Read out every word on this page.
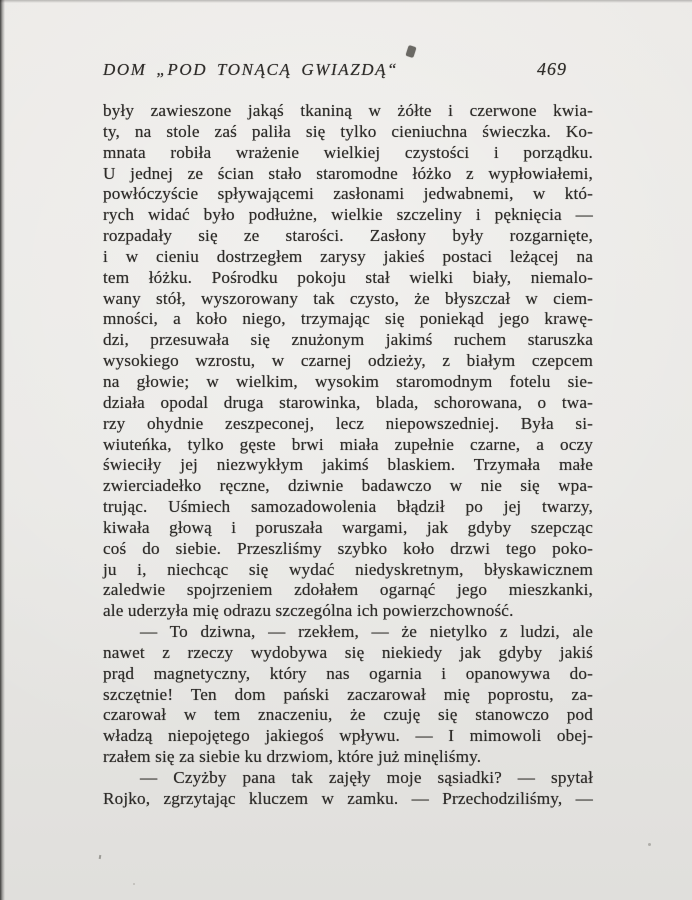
DOM „POD TONĄCĄ GWIAZDĄ“	469
były zawieszone jakąś tkaniną w żółte i czerwone kwia-
ty, na stole zaś paliła się tylko cieniuchna świeczka. Ko-
mnata robiła wrażenie wielkiej czystości i porządku.
U jednej ze ścian stało staromodne łóżko z wypłowiałemi,
powłóczyście spływającemi zasłonami jedwabnemi, w któ-
rych widać było podłużne, wielkie szczeliny i pęknięcia —
rozpadały się ze starości. Zasłony były rozgarnięte,
i w cieniu dostrzegłem zarysy jakieś postaci leżącej na
tem łóżku. Pośrodku pokoju stał wielki biały, niemalo-
wany stół, wyszorowany tak czysto, że błyszczał w ciem-
mności, a koło niego, trzymając się poniekąd jego krawę-
dzi, przesuwała się znużonym jakimś ruchem staruszka
wysokiego wzrostu, w czarnej odzieży, z białym czepcem
na głowie; w wielkim, wysokim staromodnym fotelu sie-
działa opodal druga starowinka, blada, schorowana, o twa-
rzy ohydnie zeszpeconej, lecz niepowszedniej. Była si-
wiuteńka, tylko gęste brwi miała zupełnie czarne, a oczy
świeciły jej niezwykłym jakimś blaskiem. Trzymała małe
zwierciadełko ręczne, dziwnie badawczo w nie się wpa-
trując. Uśmiech samozadowolenia błądził po jej twarzy,
kiwała głową i poruszała wargami, jak gdyby szepcząc
coś do siebie. Przeszliśmy szybko koło drzwi tego poko-
ju i, niechcąc się wydać niedyskretnym, błyskawicznem
zaledwie spojrzeniem zdołałem ogarnąć jego mieszkanki,
ale uderzyła mię odrazu szczególna ich powierzchowność.
— To dziwna, — rzekłem, — że nietylko z ludzi, ale
nawet z rzeczy wydobywa się niekiedy jak gdyby jakiś
prąd magnetyczny, który nas ogarnia i opanowywa do-
szczętnie! Ten dom pański zaczarował mię poprostu, za-
czarował w tem znaczeniu, że czuję się stanowczo pod
władzą niepojętego jakiegoś wpływu. — I mimowoli obej-
rzałem się za siebie ku drzwiom, które już minęliśmy.
— Czyżby pana tak zajęły moje sąsiadki? — spytał
Rojko, zgrzytając kluczem w zamku. — Przechodziliśmy, —
